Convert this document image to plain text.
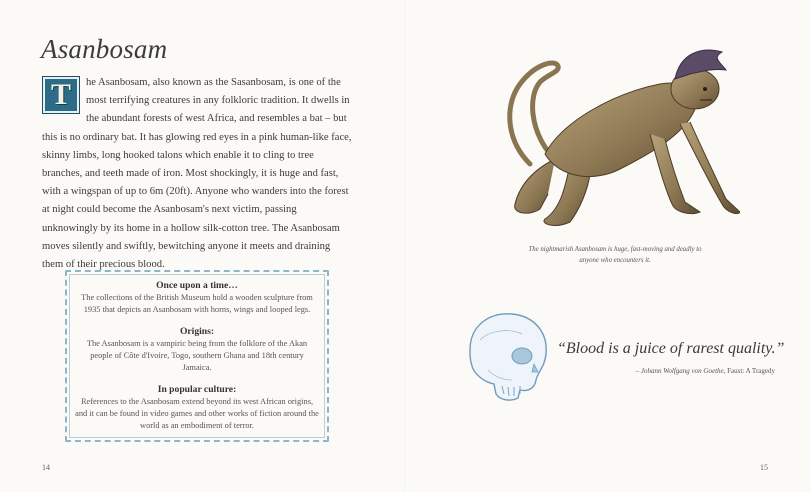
Asanbosam
T he Asanbosam, also known as the Sasanbosam, is one of the most terrifying creatures in any folkloric tradition. It dwells in the abundant forests of west Africa, and resembles a bat – but this is no ordinary bat. It has glowing red eyes in a pink human-like face, skinny limbs, long hooked talons which enable it to cling to tree branches, and teeth made of iron. Most shockingly, it is huge and fast, with a wingspan of up to 6m (20ft). Anyone who wanders into the forest at night could become the Asanbosam's next victim, passing unknowingly by its home in a hollow silk-cotton tree. The Asanbosam moves silently and swiftly, bewitching anyone it meets and draining them of their precious blood.
Once upon a time…

The collections of the British Museum hold a wooden sculpture from 1935 that depicts an Asanbosam with horns, wings and looped legs.

Origins:

The Asanbosam is a vampiric being from the folklore of the Akan people of Côte d'Ivoire, Togo, southern Ghana and 18th century Jamaica.

In popular culture:

References to the Asanbosam extend beyond its west African origins, and it can be found in video games and other works of fiction around the world as an embodiment of terror.

14
The nightmarish Asanbosam is huge, fast-moving and deadly to anyone who encounters it.
“Blood is a juice of rarest quality.”
– Johann Wolfgang von Goethe, Faust: A Tragedy
15
